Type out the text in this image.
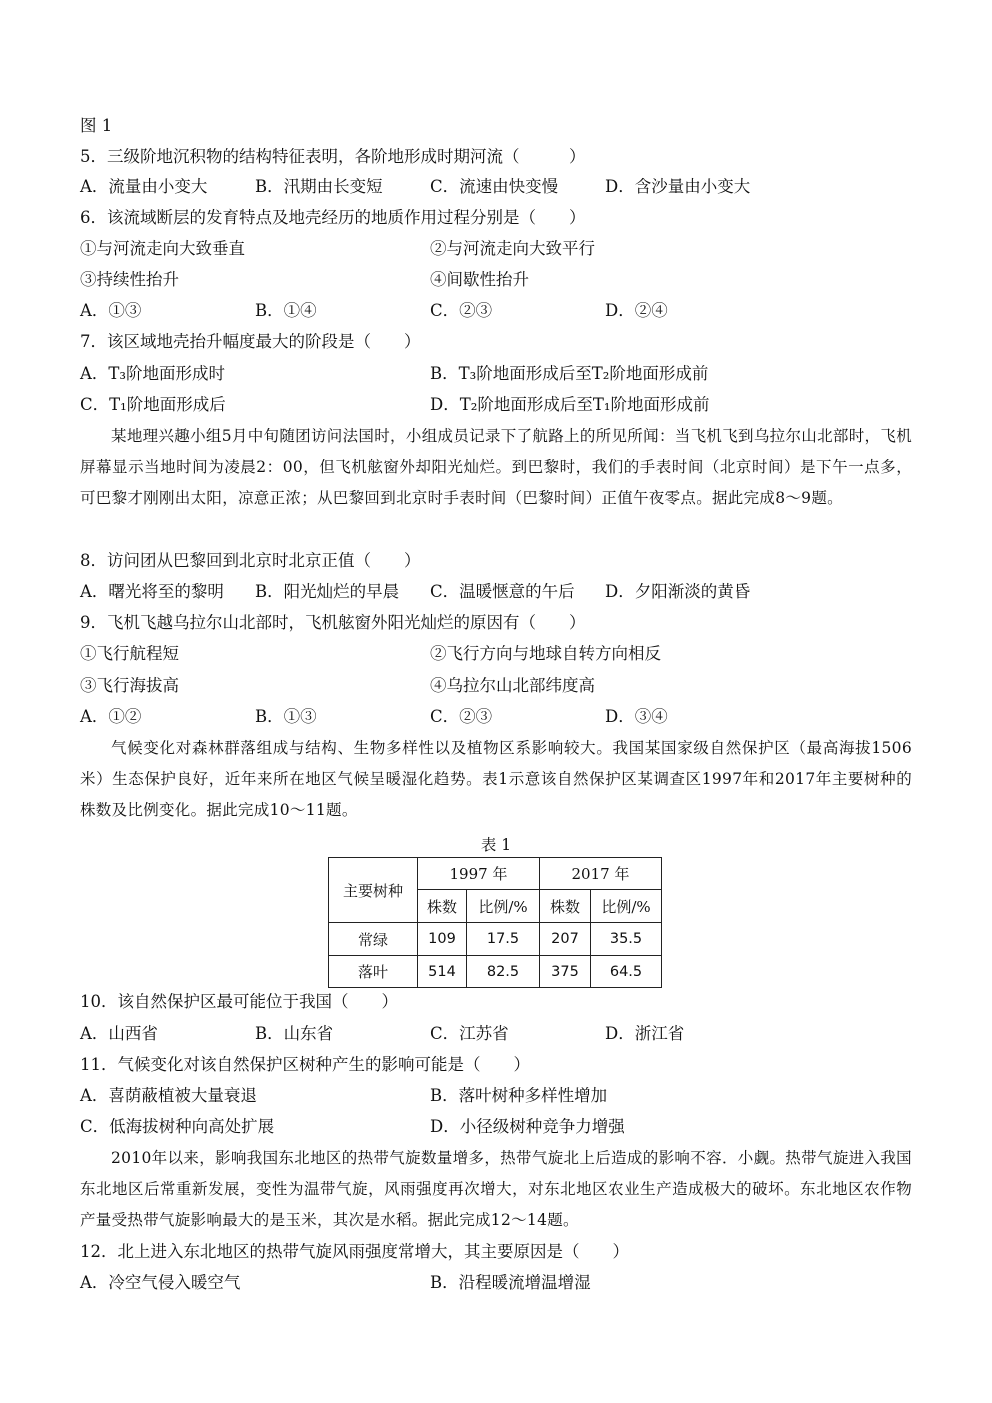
图 1
5．三级阶地沉积物的结构特征表明，各阶地形成时期河流（　　　）
A．流量由小变大	B．汛期由长变短	C．流速由快变慢	D．含沙量由小变大
6．该流域断层的发育特点及地壳经历的地质作用过程分别是（　　）
①与河流走向大致垂直	②与河流走向大致平行
③持续性抬升	④间歇性抬升
A．①③	B．①④	C．②③	D．②④
7．该区域地壳抬升幅度最大的阶段是（　　）
A．T₃阶地面形成时	B．T₃阶地面形成后至T₂阶地面形成前
C．T₁阶地面形成后	D．T₂阶地面形成后至T₁阶地面形成前
某地理兴趣小组5月中旬随团访问法国时，小组成员记录下了航路上的所见所闻：当飞机飞到乌拉尔山北部时，飞机屏幕显示当地时间为凌晨2：00，但飞机舷窗外却阳光灿烂。到巴黎时，我们的手表时间（北京时间）是下午一点多，可巴黎才刚刚出太阳，凉意正浓；从巴黎回到北京时手表时间（巴黎时间）正值午夜零点。据此完成8～9题。
8．访问团从巴黎回到北京时北京正值（　　）
A．曙光将至的黎明 B．阳光灿烂的早晨 C．温暖惬意的午后 D．夕阳渐淡的黄昏
9．飞机飞越乌拉尔山北部时，飞机舷窗外阳光灿烂的原因有（　　）
①飞行航程短	②飞行方向与地球自转方向相反
③飞行海拔高	④乌拉尔山北部纬度高
A．①②	B．①③	C．②③	D．③④
气候变化对森林群落组成与结构、生物多样性以及植物区系影响较大。我国某国家级自然保护区（最高海拔1506米）生态保护良好，近年来所在地区气候呈暖湿化趋势。表1示意该自然保护区某调查区1997年和2017年主要树种的株数及比例变化。据此完成10～11题。
表 1
主要树种	1997 年		2017 年	
	株数	比例/%	株数	比例/%
常绿	109	17.5	207	35.5
落叶	514	82.5	375	64.5
10．该自然保护区最可能位于我国（　　）
A．山西省	B．山东省	C．江苏省	D．浙江省
11．气候变化对该自然保护区树种产生的影响可能是（　　）
A．喜荫蔽植被大量衰退	B．落叶树种多样性增加
C．低海拔树种向高处扩展	D．小径级树种竞争力增强
2010年以来，影响我国东北地区的热带气旋数量增多，热带气旋北上后造成的影响不容．小觑。热带气旋进入我国东北地区后常重新发展，变性为温带气旋，风雨强度再次增大，对东北地区农业生产造成极大的破坏。东北地区农作物产量受热带气旋影响最大的是玉米，其次是水稻。据此完成12～14题。
12．北上进入东北地区的热带气旋风雨强度常增大，其主要原因是（　　）
A．冷空气侵入暖空气	B．沿程暖流增温增湿
